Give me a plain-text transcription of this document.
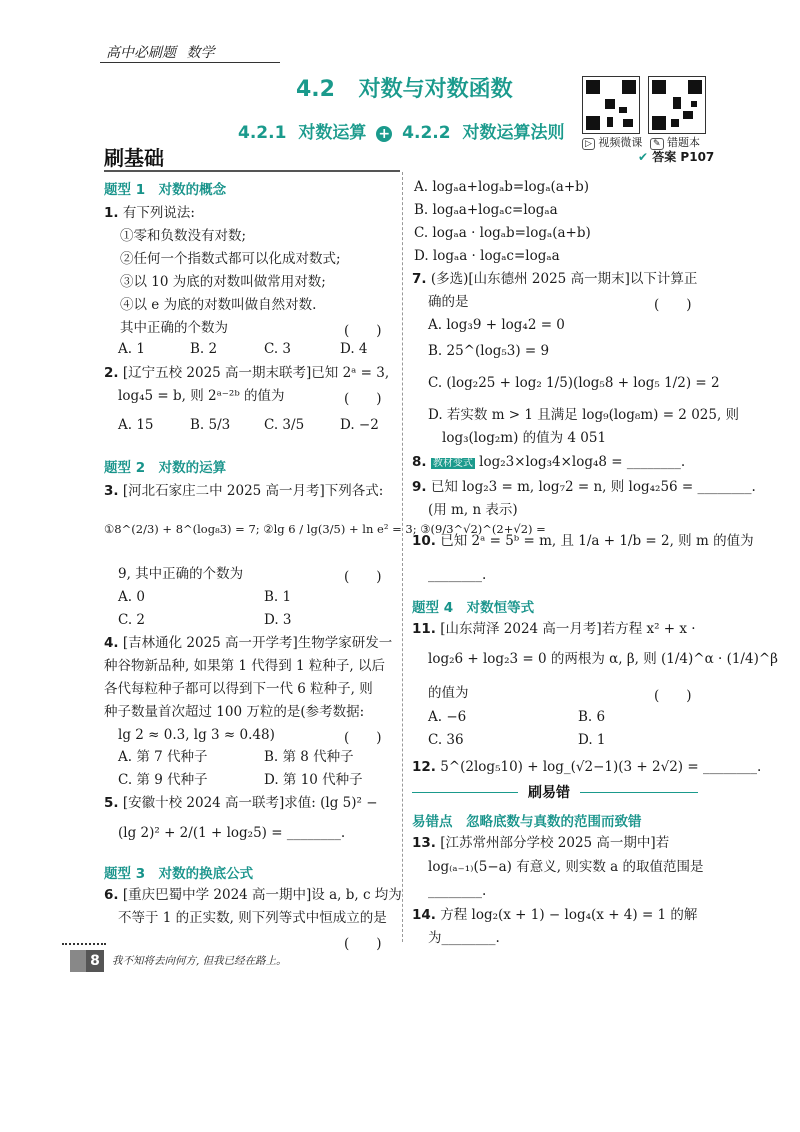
高中必刷题 数学
4.2 对数与对数函数
4.2.1 对数运算 + 4.2.2 对数运算法则
▷ 视频微课	✎ 错题本
✔ 答案 P107
刷基础
题型 1　对数的概念
1. 有下列说法:
①零和负数没有对数;
②任何一个指数式都可以化成对数式;
③以 10 为底的对数叫做常用对数;
④以 e 为底的对数叫做自然对数.
其中正确的个数为	(　　)
A. 1	B. 2	C. 3	D. 4
2. [辽宁五校 2025 高一期末联考]已知 2ᵃ = 3,
log₄5 = b, 则 2ᵃ⁻²ᵇ 的值为	(　　)
A. 15	B. 5/3	C. 3/5	D. −2
题型 2　对数的运算
3. [河北石家庄二中 2025 高一月考]下列各式:
①8^(2/3) + 8^(log₈3) = 7; ②lg 6 / lg(3/5) + ln e² = 3; ③(9/3^√2)^(2+√2) =
9, 其中正确的个数为	(　　)
A. 0	B. 1
C. 2	D. 3
4. [吉林通化 2025 高一开学考]生物学家研发一
种谷物新品种, 如果第 1 代得到 1 粒种子, 以后
各代每粒种子都可以得到下一代 6 粒种子, 则
种子数量首次超过 100 万粒的是(参考数据:
lg 2 ≈ 0.3, lg 3 ≈ 0.48)	(　　)
A. 第 7 代种子	B. 第 8 代种子
C. 第 9 代种子	D. 第 10 代种子
5. [安徽十校 2024 高一联考]求值: (lg 5)² −
(lg 2)² + 2/(1 + log₂5) = ________.
题型 3　对数的换底公式
6. [重庆巴蜀中学 2024 高一期中]设 a, b, c 均为
不等于 1 的正实数, 则下列等式中恒成立的是
(　　)
A. logₐa+logₐb=logₐ(a+b)
B. logₐa+logₐc=logₐa
C. logₐa · logₐb=logₐ(a+b)
D. logₐa · logₐc=logₐa
7. (多选)[山东德州 2025 高一期末]以下计算正
确的是	(　　)
A. log₃9 + log₄2 = 0
B. 25^(log₅3) = 9
C. (log₂25 + log₂ 1/5)(log₅8 + log₅ 1/2) = 2
D. 若实数 m > 1 且满足 log₉(log₈m) = 2 025, 则
log₃(log₂m) 的值为 4 051
8. 教材变式 log₂3×log₃4×log₄8 = ________.
9. 已知 log₂3 = m, log₇2 = n, 则 log₄₂56 = ________.
(用 m, n 表示)
10. 已知 2ᵃ = 5ᵇ = m, 且 1/a + 1/b = 2, 则 m 的值为
________.
题型 4　对数恒等式
11. [山东菏泽 2024 高一月考]若方程 x² + x ·
log₂6 + log₂3 = 0 的两根为 α, β, 则 (1/4)^α · (1/4)^β
的值为	(　　)
A. −6	B. 6
C. 36	D. 1
12. 5^(2log₅10) + log_(√2−1)(3 + 2√2) = ________.
刷易错
易错点　忽略底数与真数的范围而致错
13. [江苏常州部分学校 2025 高一期中]若
log₍ₐ₋₁₎(5−a) 有意义, 则实数 a 的取值范围是
________.
14. 方程 log₂(x + 1) − log₄(x + 4) = 1 的解
为________.
8	我不知将去向何方, 但我已经在路上。
